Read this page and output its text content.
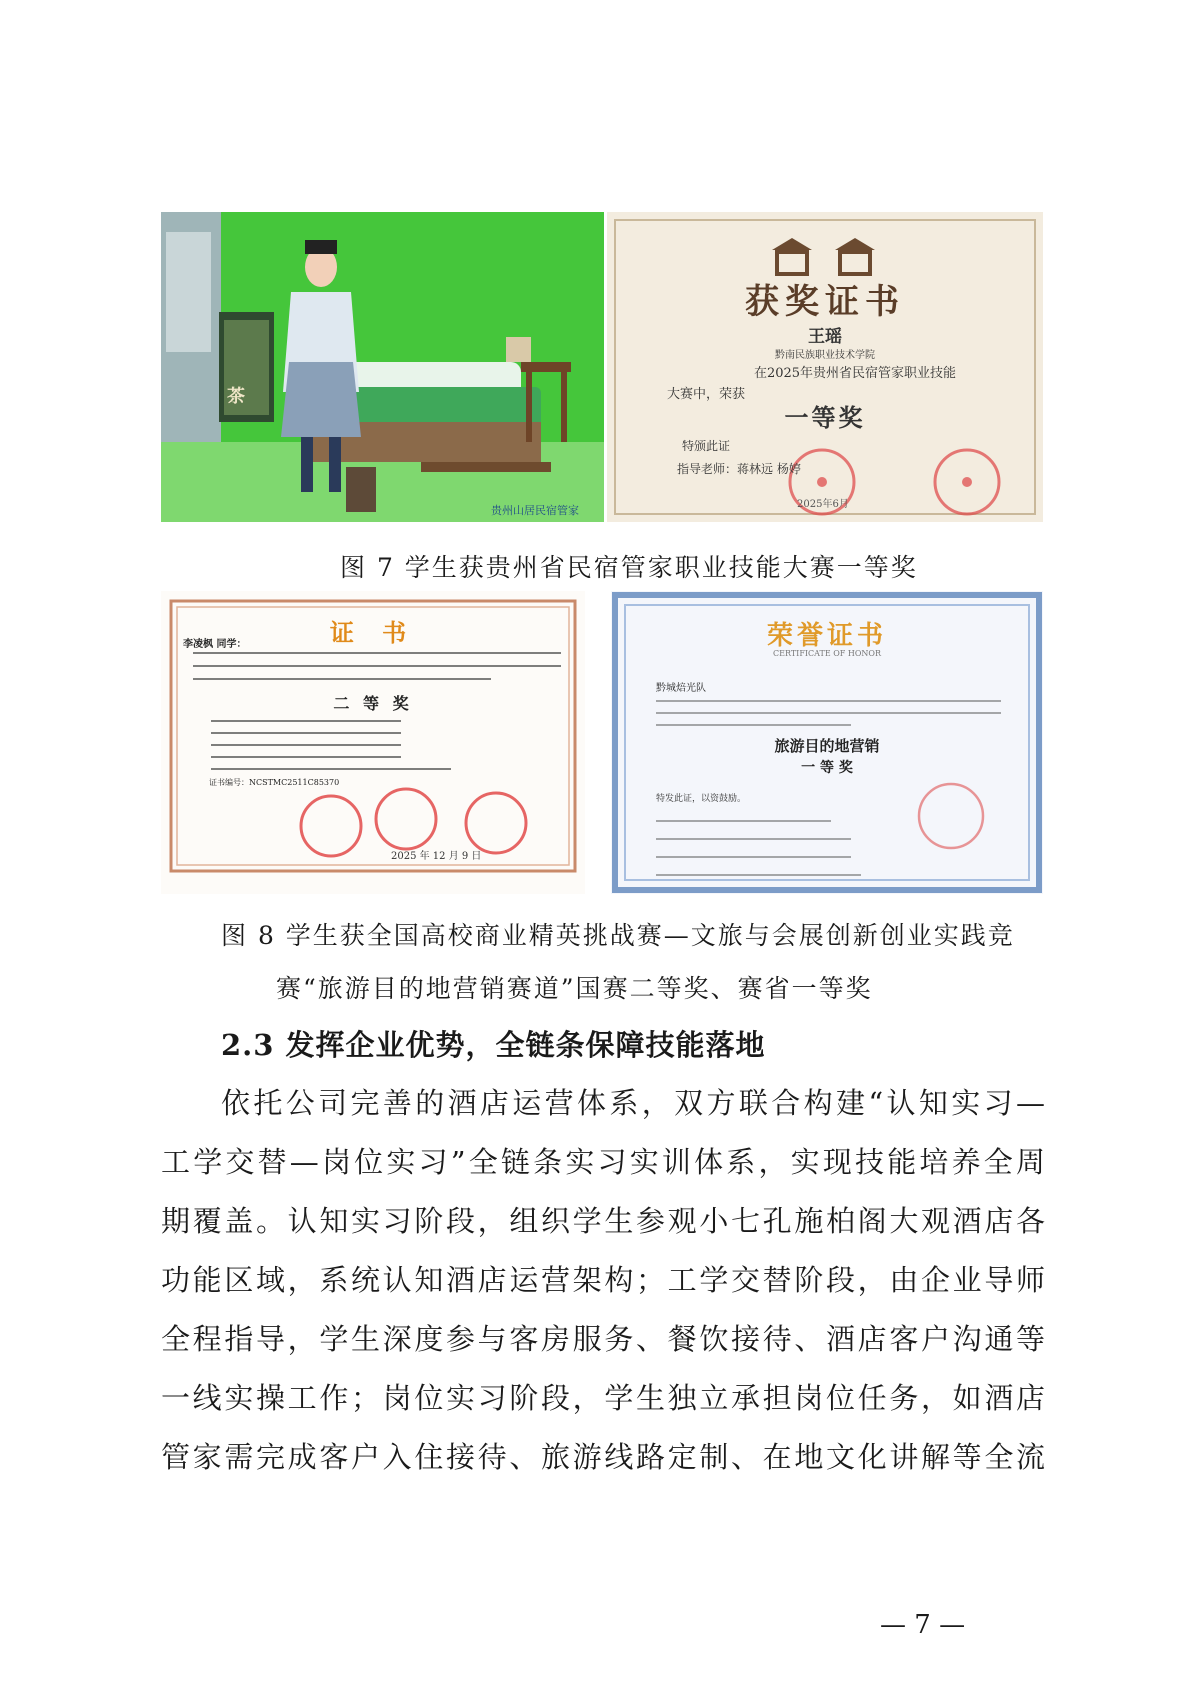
茶
贵州山居民宿管家
获奖证书
王瑶
黔南民族职业技术学院
在2025年贵州省民宿管家职业技能
大赛中，荣获
一等奖
特颁此证
指导老师：蒋林远 杨婷
2025年6月
图 7 学生获贵州省民宿管家职业技能大赛一等奖
证 书
李凌枫 同学：
二 等 奖
证书编号：NCSTMC2511C85370
2025 年 12 月 9 日
荣誉证书
CERTIFICATE OF HONOR
黔城焙光队
旅游目的地营销
一 等 奖
特发此证，以资鼓励。
图 8 学生获全国高校商业精英挑战赛—文旅与会展创新创业实践竞
赛“旅游目的地营销赛道”国赛二等奖、赛省一等奖
2.3 发挥企业优势，全链条保障技能落地
依托公司完善的酒店运营体系，双方联合构建“认知实习—
工学交替—岗位实习”全链条实习实训体系，实现技能培养全周
期覆盖。认知实习阶段，组织学生参观小七孔施柏阁大观酒店各
功能区域，系统认知酒店运营架构；工学交替阶段，由企业导师
全程指导，学生深度参与客房服务、餐饮接待、酒店客户沟通等
一线实操工作；岗位实习阶段，学生独立承担岗位任务，如酒店
管家需完成客户入住接待、旅游线路定制、在地文化讲解等全流
— 7 —
